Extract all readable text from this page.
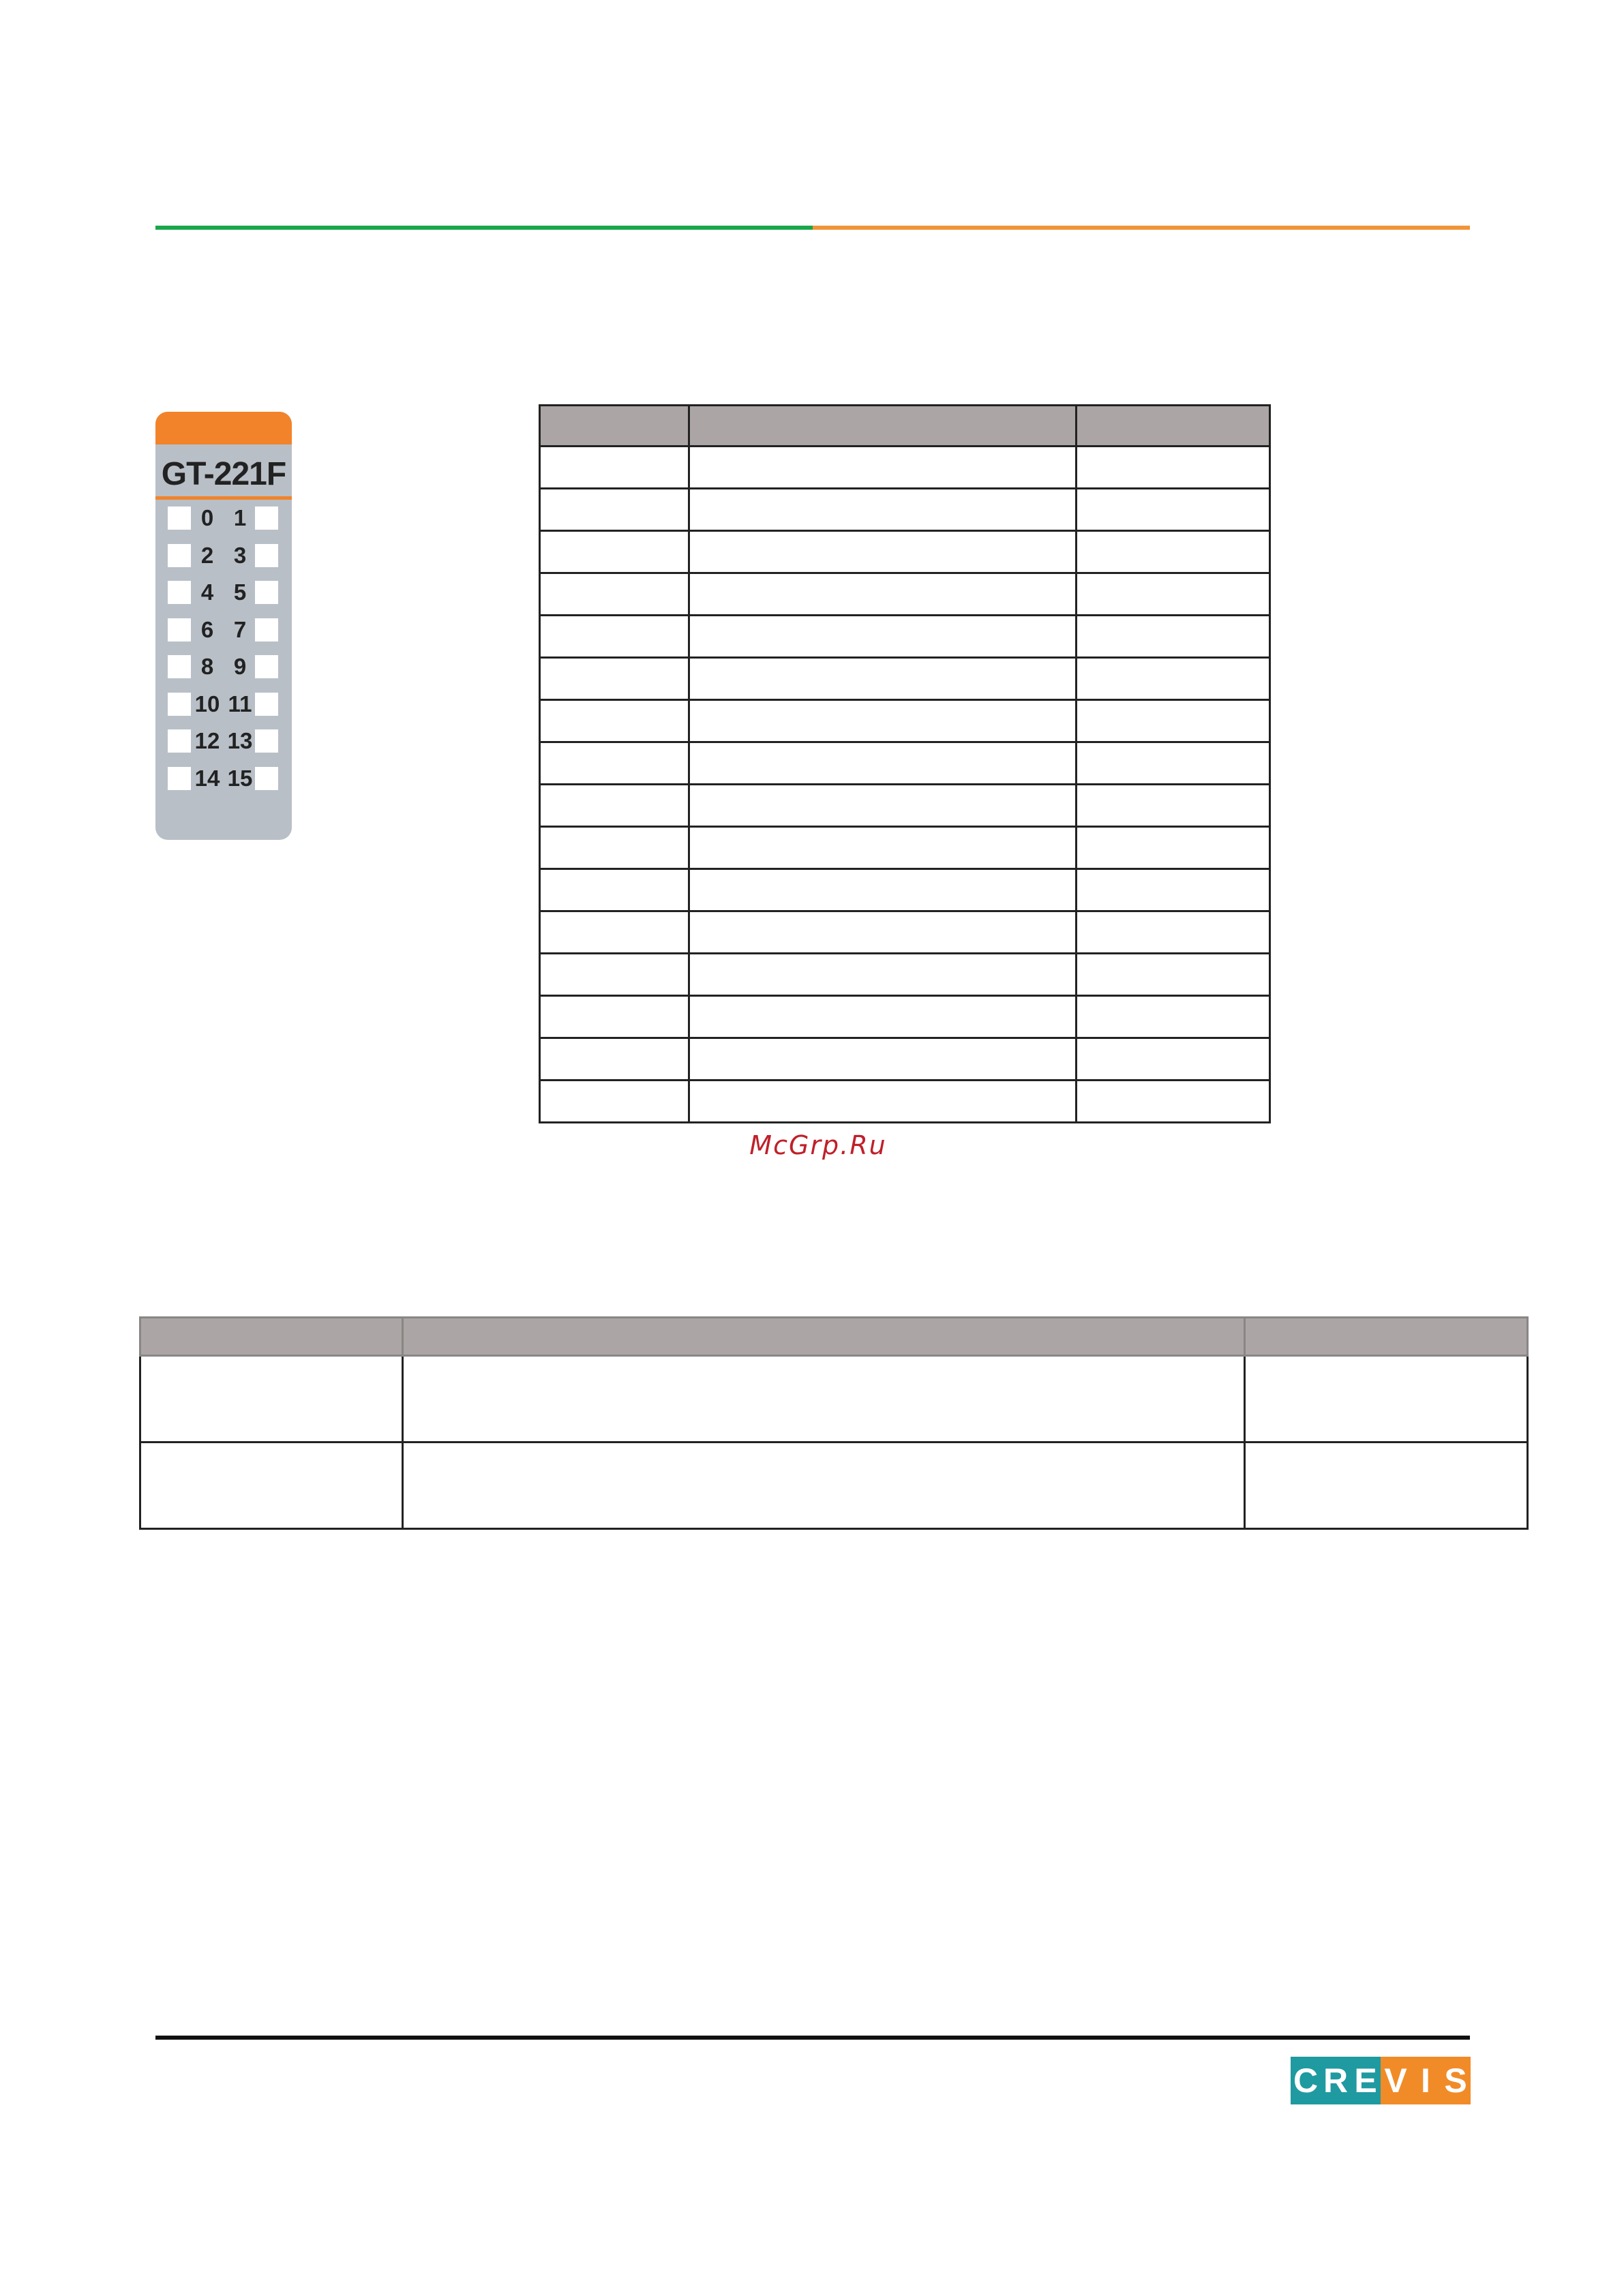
GT-221F
0 1
2 3
4 5
6 7
8 9
10 11
12 13
14 15

McGrp.Ru

C R E V I S
